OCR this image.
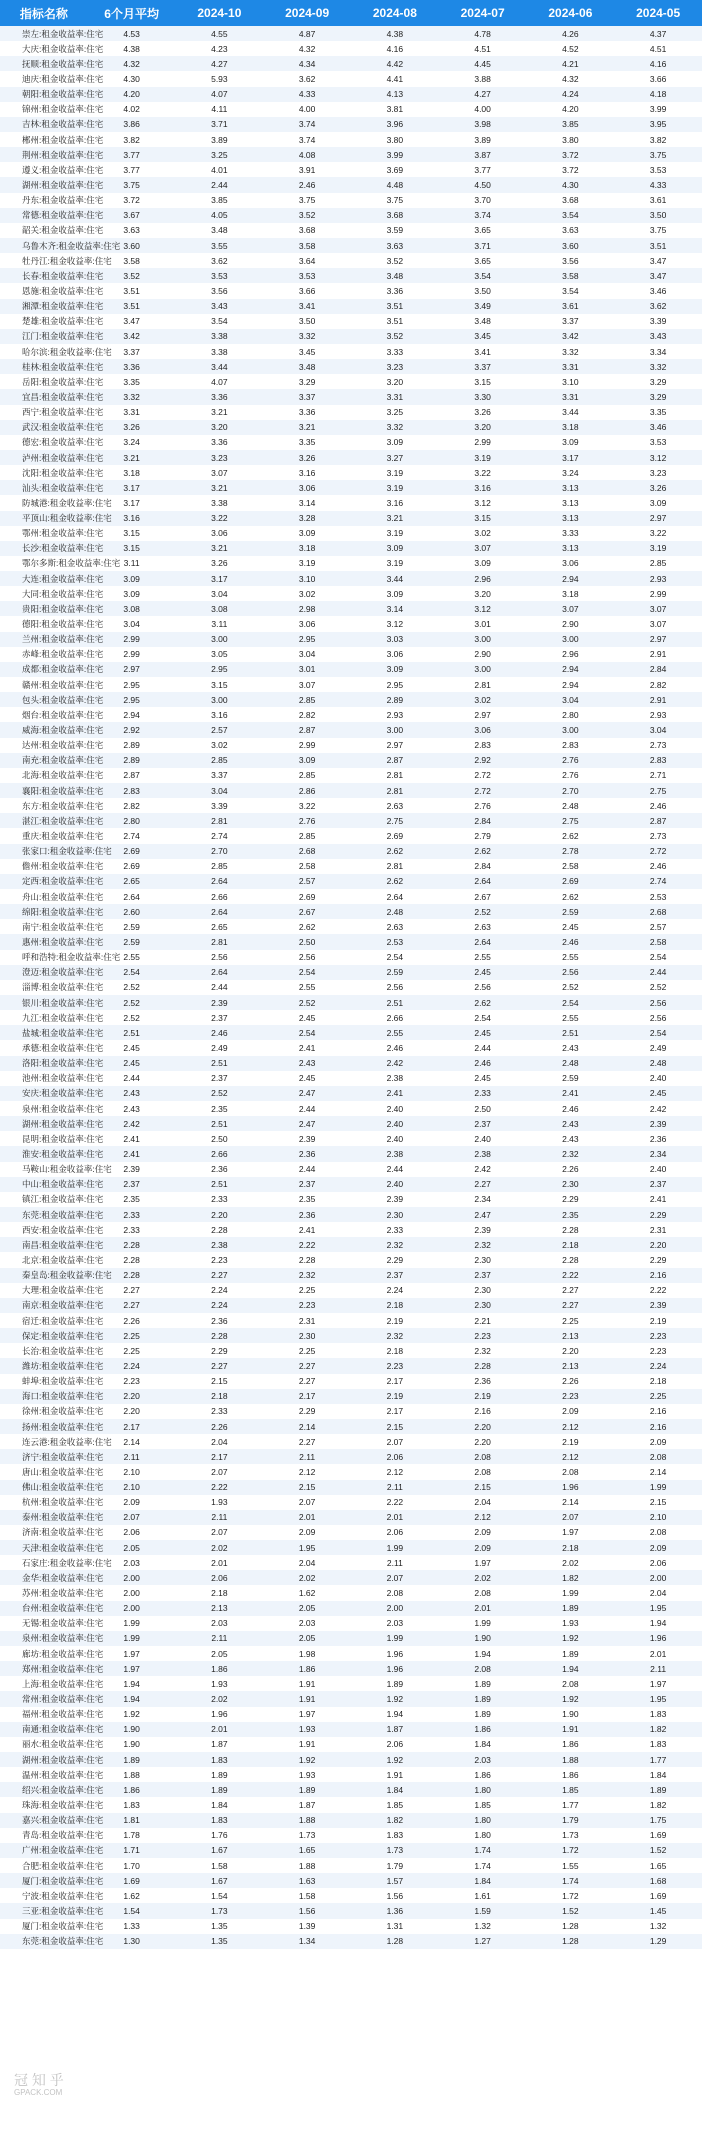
指标名称	6个月平均	2024-10	2024-09	2024-08	2024-07	2024-06	2024-05
崇左:租金收益率:住宅	4.53	4.55	4.87	4.38	4.78	4.26	4.37
大庆:租金收益率:住宅	4.38	4.23	4.32	4.16	4.51	4.52	4.51
抚顺:租金收益率:住宅	4.32	4.27	4.34	4.42	4.45	4.21	4.16
迪庆:租金收益率:住宅	4.30	5.93	3.62	4.41	3.88	4.32	3.66
朝阳:租金收益率:住宅	4.20	4.07	4.33	4.13	4.27	4.24	4.18
锦州:租金收益率:住宅	4.02	4.11	4.00	3.81	4.00	4.20	3.99
吉林:租金收益率:住宅	3.86	3.71	3.74	3.96	3.98	3.85	3.95
郴州:租金收益率:住宅	3.82	3.89	3.74	3.80	3.89	3.80	3.82
荆州:租金收益率:住宅	3.77	3.25	4.08	3.99	3.87	3.72	3.75
遵义:租金收益率:住宅	3.77	4.01	3.91	3.69	3.77	3.72	3.53
湖州:租金收益率:住宅	3.75	2.44	2.46	4.48	4.50	4.30	4.33
丹东:租金收益率:住宅	3.72	3.85	3.75	3.75	3.70	3.68	3.61
常德:租金收益率:住宅	3.67	4.05	3.52	3.68	3.74	3.54	3.50
韶关:租金收益率:住宅	3.63	3.48	3.68	3.59	3.65	3.63	3.75
乌鲁木齐:租金收益率:住宅	3.60	3.55	3.58	3.63	3.71	3.60	3.51
牡丹江:租金收益率:住宅	3.58	3.62	3.64	3.52	3.65	3.56	3.47
长春:租金收益率:住宅	3.52	3.53	3.53	3.48	3.54	3.58	3.47
恩施:租金收益率:住宅	3.51	3.56	3.66	3.36	3.50	3.54	3.46
湘潭:租金收益率:住宅	3.51	3.43	3.41	3.51	3.49	3.61	3.62
楚雄:租金收益率:住宅	3.47	3.54	3.50	3.51	3.48	3.37	3.39
江门:租金收益率:住宅	3.42	3.38	3.32	3.52	3.45	3.42	3.43
哈尔滨:租金收益率:住宅	3.37	3.38	3.45	3.33	3.41	3.32	3.34
桂林:租金收益率:住宅	3.36	3.44	3.48	3.23	3.37	3.31	3.32
岳阳:租金收益率:住宅	3.35	4.07	3.29	3.20	3.15	3.10	3.29
宜昌:租金收益率:住宅	3.32	3.36	3.37	3.31	3.30	3.31	3.29
西宁:租金收益率:住宅	3.31	3.21	3.36	3.25	3.26	3.44	3.35
武汉:租金收益率:住宅	3.26	3.20	3.21	3.32	3.20	3.18	3.46
德宏:租金收益率:住宅	3.24	3.36	3.35	3.09	2.99	3.09	3.53
泸州:租金收益率:住宅	3.21	3.23	3.26	3.27	3.19	3.17	3.12
沈阳:租金收益率:住宅	3.18	3.07	3.16	3.19	3.22	3.24	3.23
汕头:租金收益率:住宅	3.17	3.21	3.06	3.19	3.16	3.13	3.26
防城港:租金收益率:住宅	3.17	3.38	3.14	3.16	3.12	3.13	3.09
平顶山:租金收益率:住宅	3.16	3.22	3.28	3.21	3.15	3.13	2.97
鄂州:租金收益率:住宅	3.15	3.06	3.09	3.19	3.02	3.33	3.22
长沙:租金收益率:住宅	3.15	3.21	3.18	3.09	3.07	3.13	3.19
鄂尔多斯:租金收益率:住宅	3.11	3.26	3.19	3.19	3.09	3.06	2.85
大连:租金收益率:住宅	3.09	3.17	3.10	3.44	2.96	2.94	2.93
大同:租金收益率:住宅	3.09	3.04	3.02	3.09	3.20	3.18	2.99
贵阳:租金收益率:住宅	3.08	3.08	2.98	3.14	3.12	3.07	3.07
德阳:租金收益率:住宅	3.04	3.11	3.06	3.12	3.01	2.90	3.07
兰州:租金收益率:住宅	2.99	3.00	2.95	3.03	3.00	3.00	2.97
赤峰:租金收益率:住宅	2.99	3.05	3.04	3.06	2.90	2.96	2.91
成都:租金收益率:住宅	2.97	2.95	3.01	3.09	3.00	2.94	2.84
赣州:租金收益率:住宅	2.95	3.15	3.07	2.95	2.81	2.94	2.82
包头:租金收益率:住宅	2.95	3.00	2.85	2.89	3.02	3.04	2.91
烟台:租金收益率:住宅	2.94	3.16	2.82	2.93	2.97	2.80	2.93
威海:租金收益率:住宅	2.92	2.57	2.87	3.00	3.06	3.00	3.04
达州:租金收益率:住宅	2.89	3.02	2.99	2.97	2.83	2.83	2.73
南充:租金收益率:住宅	2.89	2.85	3.09	2.87	2.92	2.76	2.83
北海:租金收益率:住宅	2.87	3.37	2.85	2.81	2.72	2.76	2.71
襄阳:租金收益率:住宅	2.83	3.04	2.86	2.81	2.72	2.70	2.75
东方:租金收益率:住宅	2.82	3.39	3.22	2.63	2.76	2.48	2.46
湛江:租金收益率:住宅	2.80	2.81	2.76	2.75	2.84	2.75	2.87
重庆:租金收益率:住宅	2.74	2.74	2.85	2.69	2.79	2.62	2.73
张家口:租金收益率:住宅	2.69	2.70	2.68	2.62	2.62	2.78	2.72
儋州:租金收益率:住宅	2.69	2.85	2.58	2.81	2.84	2.58	2.46
定西:租金收益率:住宅	2.65	2.64	2.57	2.62	2.64	2.69	2.74
舟山:租金收益率:住宅	2.64	2.66	2.69	2.64	2.67	2.62	2.53
绵阳:租金收益率:住宅	2.60	2.64	2.67	2.48	2.52	2.59	2.68
南宁:租金收益率:住宅	2.59	2.65	2.62	2.63	2.63	2.45	2.57
惠州:租金收益率:住宅	2.59	2.81	2.50	2.53	2.64	2.46	2.58
呼和浩特:租金收益率:住宅	2.55	2.56	2.56	2.54	2.55	2.55	2.54
澄迈:租金收益率:住宅	2.54	2.64	2.54	2.59	2.45	2.56	2.44
淄博:租金收益率:住宅	2.52	2.44	2.55	2.56	2.56	2.52	2.52
银川:租金收益率:住宅	2.52	2.39	2.52	2.51	2.62	2.54	2.56
九江:租金收益率:住宅	2.52	2.37	2.45	2.66	2.54	2.55	2.56
盐城:租金收益率:住宅	2.51	2.46	2.54	2.55	2.45	2.51	2.54
承德:租金收益率:住宅	2.45	2.49	2.41	2.46	2.44	2.43	2.49
洛阳:租金收益率:住宅	2.45	2.51	2.43	2.42	2.46	2.48	2.48
池州:租金收益率:住宅	2.44	2.37	2.45	2.38	2.45	2.59	2.40
安庆:租金收益率:住宅	2.43	2.52	2.47	2.41	2.33	2.41	2.45
泉州:租金收益率:住宅	2.43	2.35	2.44	2.40	2.50	2.46	2.42
湖州:租金收益率:住宅	2.42	2.51	2.47	2.40	2.37	2.43	2.39
昆明:租金收益率:住宅	2.41	2.50	2.39	2.40	2.40	2.43	2.36
淮安:租金收益率:住宅	2.41	2.66	2.36	2.38	2.38	2.32	2.34
马鞍山:租金收益率:住宅	2.39	2.36	2.44	2.44	2.42	2.26	2.40
中山:租金收益率:住宅	2.37	2.51	2.37	2.40	2.27	2.30	2.37
镇江:租金收益率:住宅	2.35	2.33	2.35	2.39	2.34	2.29	2.41
东莞:租金收益率:住宅	2.33	2.20	2.36	2.30	2.47	2.35	2.29
西安:租金收益率:住宅	2.33	2.28	2.41	2.33	2.39	2.28	2.31
南昌:租金收益率:住宅	2.28	2.38	2.22	2.32	2.32	2.18	2.20
北京:租金收益率:住宅	2.28	2.23	2.28	2.29	2.30	2.28	2.29
秦皇岛:租金收益率:住宅	2.28	2.27	2.32	2.37	2.37	2.22	2.16
大理:租金收益率:住宅	2.27	2.24	2.25	2.24	2.30	2.27	2.22
南京:租金收益率:住宅	2.27	2.24	2.23	2.18	2.30	2.27	2.39
宿迁:租金收益率:住宅	2.26	2.36	2.31	2.19	2.21	2.25	2.19
保定:租金收益率:住宅	2.25	2.28	2.30	2.32	2.23	2.13	2.23
长治:租金收益率:住宅	2.25	2.29	2.25	2.18	2.32	2.20	2.23
潍坊:租金收益率:住宅	2.24	2.27	2.27	2.23	2.28	2.13	2.24
蚌埠:租金收益率:住宅	2.23	2.15	2.27	2.17	2.36	2.26	2.18
海口:租金收益率:住宅	2.20	2.18	2.17	2.19	2.19	2.23	2.25
徐州:租金收益率:住宅	2.20	2.33	2.29	2.17	2.16	2.09	2.16
扬州:租金收益率:住宅	2.17	2.26	2.14	2.15	2.20	2.12	2.16
连云港:租金收益率:住宅	2.14	2.04	2.27	2.07	2.20	2.19	2.09
济宁:租金收益率:住宅	2.11	2.17	2.11	2.06	2.08	2.12	2.08
唐山:租金收益率:住宅	2.10	2.07	2.12	2.12	2.08	2.08	2.14
佛山:租金收益率:住宅	2.10	2.22	2.15	2.11	2.15	1.96	1.99
杭州:租金收益率:住宅	2.09	1.93	2.07	2.22	2.04	2.14	2.15
泰州:租金收益率:住宅	2.07	2.11	2.01	2.01	2.12	2.07	2.10
济南:租金收益率:住宅	2.06	2.07	2.09	2.06	2.09	1.97	2.08
天津:租金收益率:住宅	2.05	2.02	1.95	1.99	2.09	2.18	2.09
石家庄:租金收益率:住宅	2.03	2.01	2.04	2.11	1.97	2.02	2.06
金华:租金收益率:住宅	2.00	2.06	2.02	2.07	2.02	1.82	2.00
苏州:租金收益率:住宅	2.00	2.18	1.62	2.08	2.08	1.99	2.04
台州:租金收益率:住宅	2.00	2.13	2.05	2.00	2.01	1.89	1.95
无锡:租金收益率:住宅	1.99	2.03	2.03	2.03	1.99	1.93	1.94
泉州:租金收益率:住宅	1.99	2.11	2.05	1.99	1.90	1.92	1.96
廊坊:租金收益率:住宅	1.97	2.05	1.98	1.96	1.94	1.89	2.01
郑州:租金收益率:住宅	1.97	1.86	1.86	1.96	2.08	1.94	2.11
上海:租金收益率:住宅	1.94	1.93	1.91	1.89	1.89	2.08	1.97
常州:租金收益率:住宅	1.94	2.02	1.91	1.92	1.89	1.92	1.95
福州:租金收益率:住宅	1.92	1.96	1.97	1.94	1.89	1.90	1.83
南通:租金收益率:住宅	1.90	2.01	1.93	1.87	1.86	1.91	1.82
丽水:租金收益率:住宅	1.90	1.87	1.91	2.06	1.84	1.86	1.83
湖州:租金收益率:住宅	1.89	1.83	1.92	1.92	2.03	1.88	1.77
温州:租金收益率:住宅	1.88	1.89	1.93	1.91	1.86	1.86	1.84
绍兴:租金收益率:住宅	1.86	1.89	1.89	1.84	1.80	1.85	1.89
珠海:租金收益率:住宅	1.83	1.84	1.87	1.85	1.85	1.77	1.82
嘉兴:租金收益率:住宅	1.81	1.83	1.88	1.82	1.80	1.79	1.75
青岛:租金收益率:住宅	1.78	1.76	1.73	1.83	1.80	1.73	1.69
广州:租金收益率:住宅	1.71	1.67	1.65	1.73	1.74	1.72	1.52
合肥:租金收益率:住宅	1.70	1.58	1.88	1.79	1.74	1.55	1.65
厦门:租金收益率:住宅	1.69	1.67	1.63	1.57	1.84	1.74	1.68
宁波:租金收益率:住宅	1.62	1.54	1.58	1.56	1.61	1.72	1.69
三亚:租金收益率:住宅	1.54	1.73	1.56	1.36	1.59	1.52	1.45
厦门:租金收益率:住宅	1.33	1.35	1.39	1.31	1.32	1.28	1.32
东莞:租金收益率:住宅	1.30	1.35	1.34	1.28	1.27	1.28	1.29
冠 知 乎
GPACK.COM
